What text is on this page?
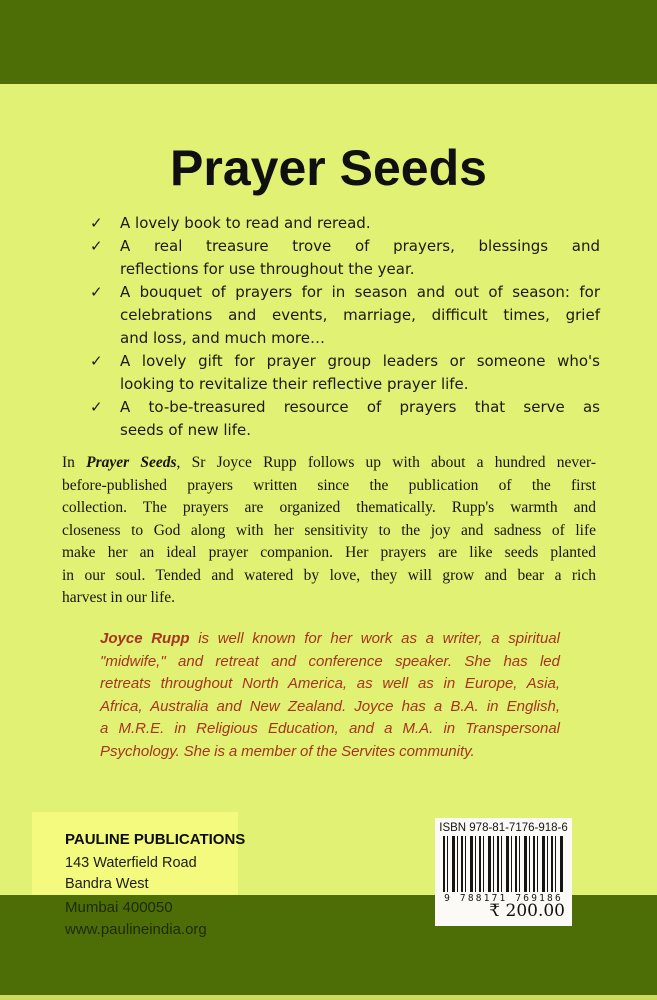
Prayer Seeds
✓ A lovely book to read and reread.
✓ A real treasure trove of prayers, blessings and
reflections for use throughout the year.
✓ A bouquet of prayers for in season and out of season: for
celebrations and events, marriage, difficult times, grief
and loss, and much more…
✓ A lovely gift for prayer group leaders or someone who's
looking to revitalize their reflective prayer life.
✓ A to-be-treasured resource of prayers that serve as
seeds of new life.
In Prayer Seeds, Sr Joyce Rupp follows up with about a hundred never-
before-published prayers written since the publication of the first
collection. The prayers are organized thematically. Rupp's warmth and
closeness to God along with her sensitivity to the joy and sadness of life
make her an ideal prayer companion. Her prayers are like seeds planted
in our soul. Tended and watered by love, they will grow and bear a rich
harvest in our life.
Joyce Rupp is well known for her work as a writer, a spiritual
"midwife," and retreat and conference speaker. She has led
retreats throughout North America, as well as in Europe, Asia,
Africa, Australia and New Zealand. Joyce has a B.A. in English,
a M.R.E. in Religious Education, and a M.A. in Transpersonal
Psychology. She is a member of the Servites community.
PAULINE PUBLICATIONS
143 Waterfield Road
Bandra West
Mumbai 400050
www.paulineindia.org
ISBN 978-81-7176-918-6
9 788171 769186
₹ 200.00
